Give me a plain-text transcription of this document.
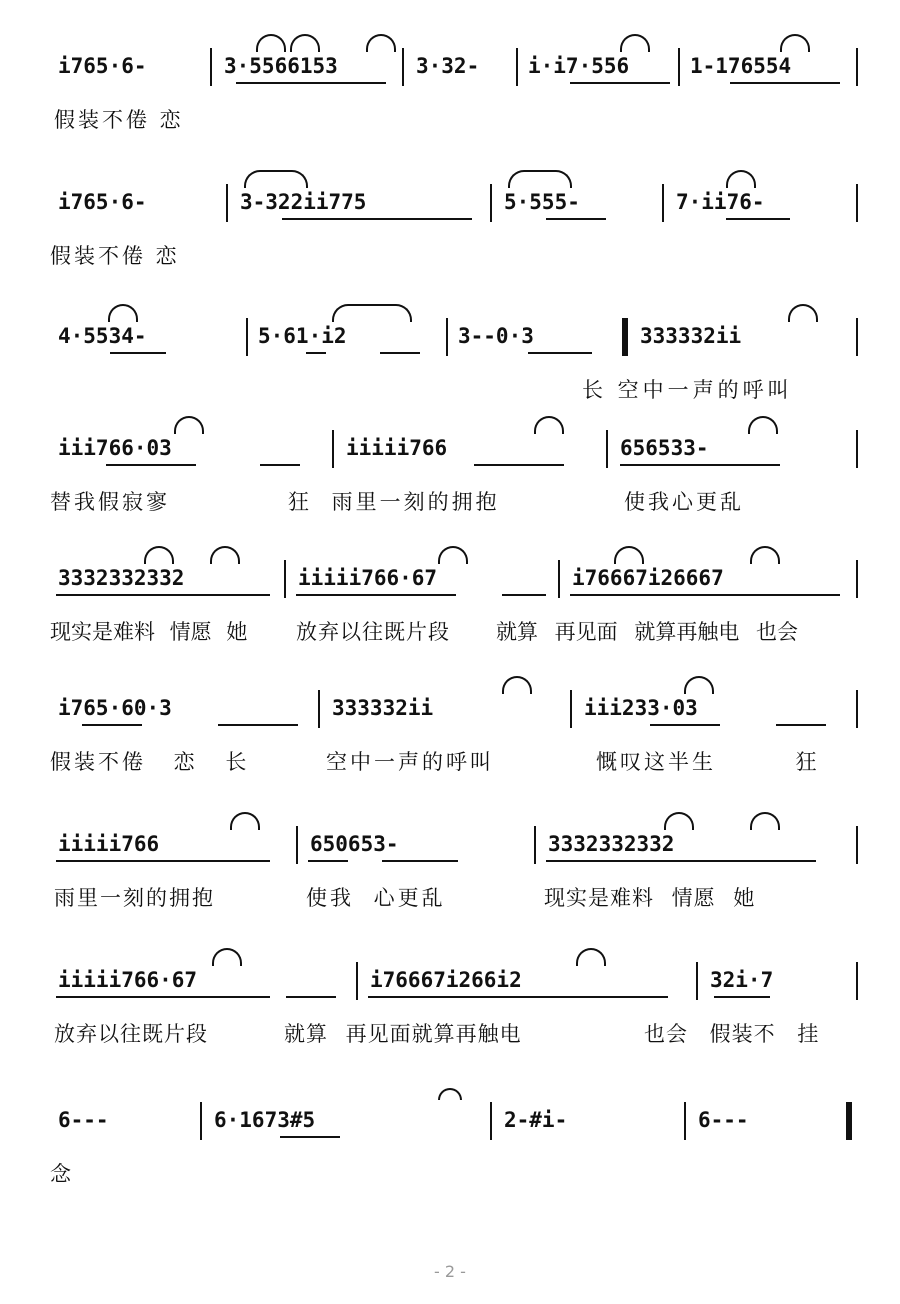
i765·6-	3·5566153	3·32-	i·i7·556	1-176554
假装不倦 恋
i765·6-	3-322ii775	5·555-	7·ii76-
假装不倦 恋
4·5534-	5·61·i2	3--0·3	333332ii
长 空中一声的呼叫
iii766·03	iiiii766	656533-
替我假寂寥	狂 雨里一刻的拥抱	使我心更乱
3332332332	iiiii766·67	i76667i26667
现实是难料 情愿 她 放弃以往既片段 就算 再见面 就算再触电 也会
i765·60·3	333332ii	iii233·03
假装不倦 恋 长	空中一声的呼叫	慨叹这半生 狂
iiiii766	650653-	3332332332
雨里一刻的拥抱	使我 心更乱	现实是难料 情愿 她
iiiii766·67	i76667i266i2	32i·7
放弃以往既片段	就算 再见面就算再触电	也会 假装不 挂
6---	6·1673#5	2-#i-	6---
念
- 2 -
